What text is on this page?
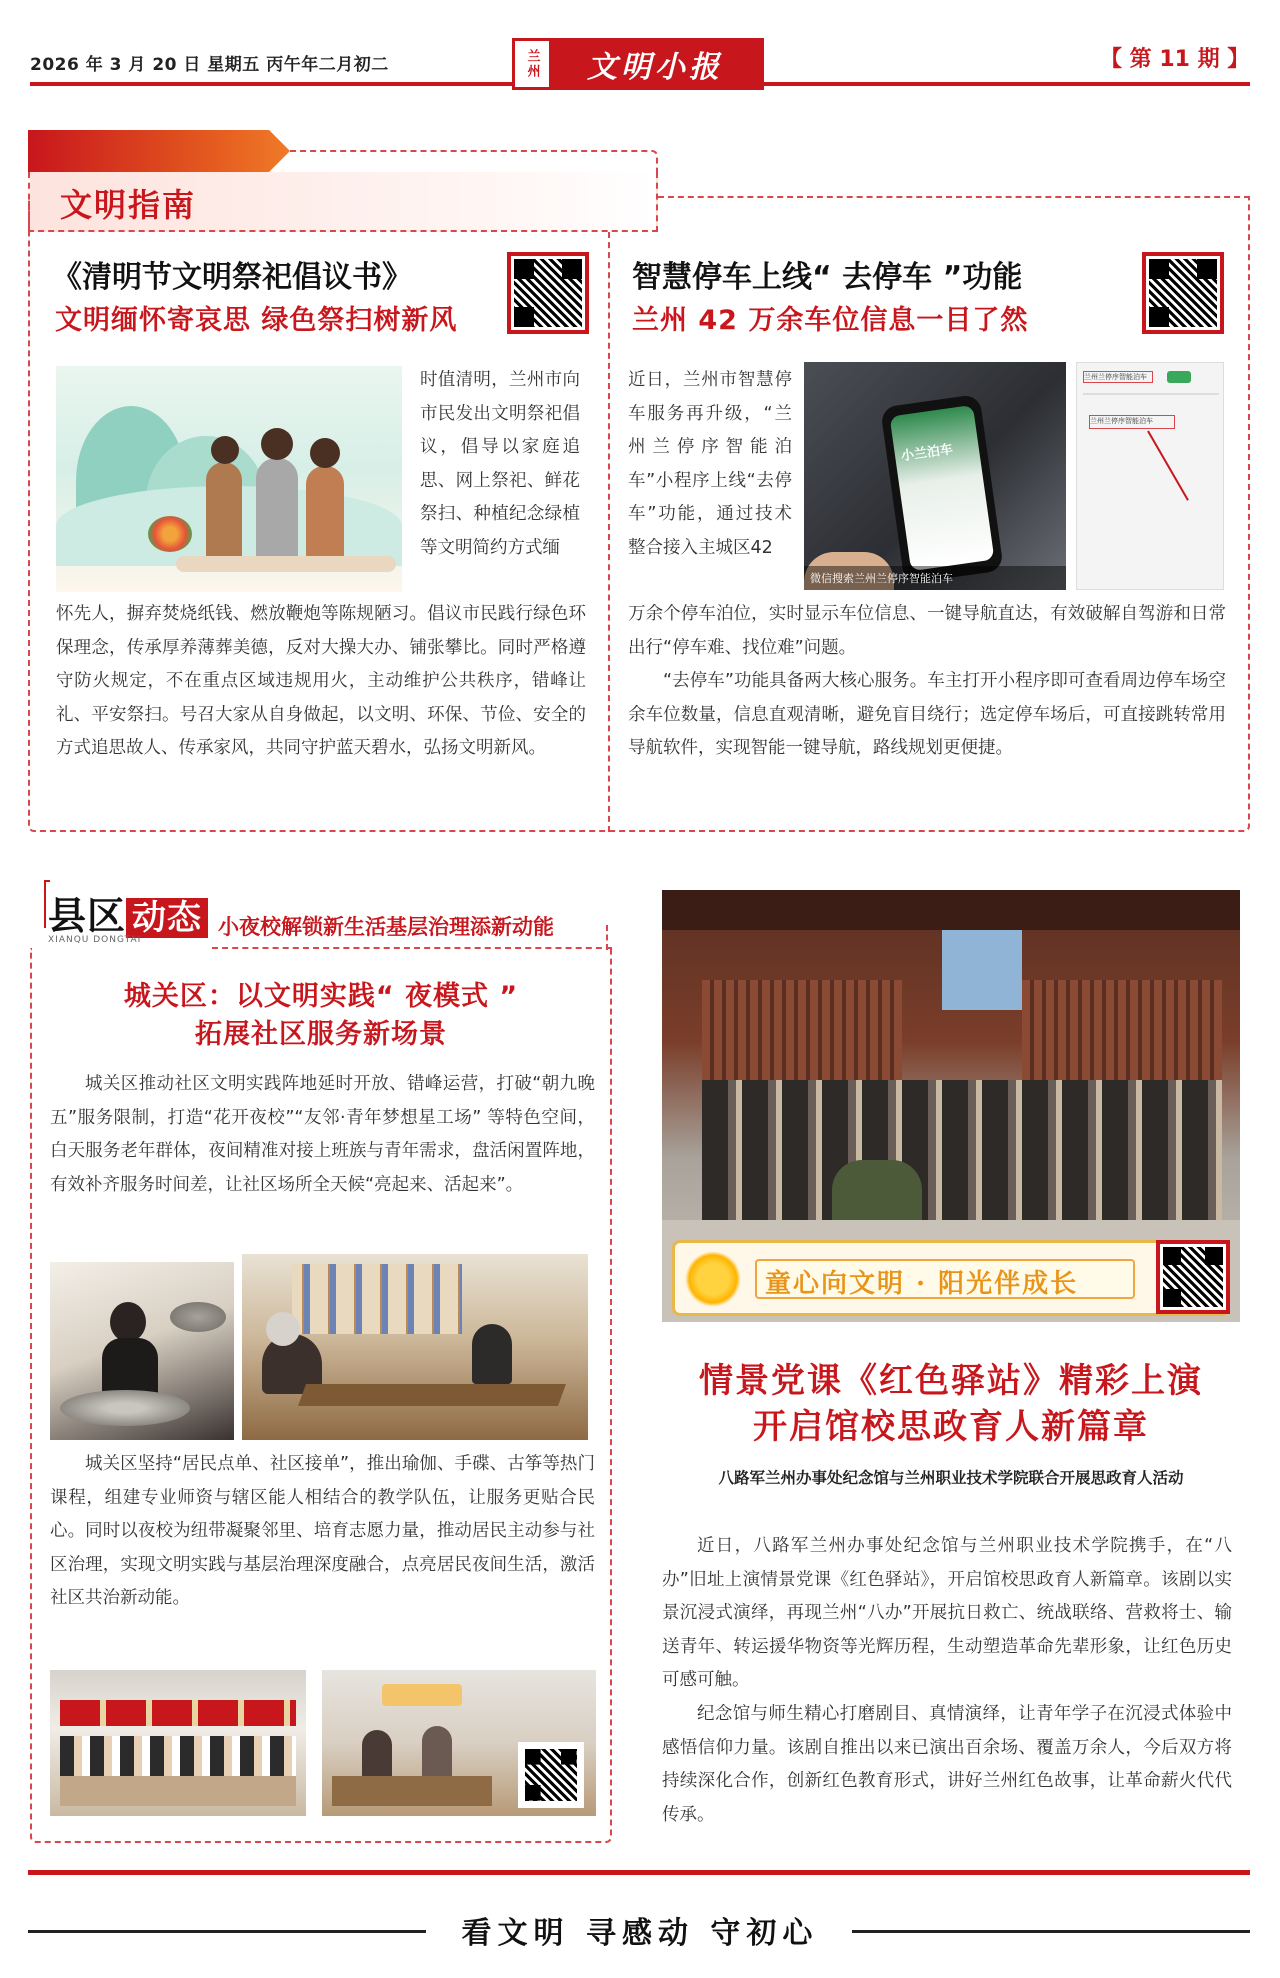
2026 年 3 月 20 日 星期五 丙午年二月初二	兰州	文明小报	【 第 11 期 】
文明指南
《清明节文明祭祀倡议书》
文明缅怀寄哀思 绿色祭扫树新风
时值清明，兰州市向市民发出文明祭祀倡议，倡导以家庭追思、网上祭祀、鲜花祭扫、种植纪念绿植等文明简约方式缅
怀先人，摒弃焚烧纸钱、燃放鞭炮等陈规陋习。倡议市民践行绿色环保理念，传承厚养薄葬美德，反对大操大办、铺张攀比。同时严格遵守防火规定，不在重点区域违规用火，主动维护公共秩序，错峰让礼、平安祭扫。号召大家从自身做起，以文明、环保、节俭、安全的方式追思故人、传承家风，共同守护蓝天碧水，弘扬文明新风。
智慧停车上线“ 去停车 ”功能
兰州 42 万余车位信息一目了然
小兰泊车
微信搜索兰州兰停序智能泊车
兰州兰停序智能泊车
兰州兰停序智能泊车
近日，兰州市智慧停车服务再升级，“兰州兰停序智能泊车”小程序上线“去停车”功能，通过技术整合接入主城区42
万余个停车泊位，实时显示车位信息、一键导航直达，有效破解自驾游和日常出行“停车难、找位难”问题。
“去停车”功能具备两大核心服务。车主打开小程序即可查看周边停车场空余车位数量，信息直观清晰，避免盲目绕行；选定停车场后，可直接跳转常用导航软件，实现智能一键导航，路线规划更便捷。
县区 动态
XIANQU DONGTAI
小夜校解锁新生活基层治理添新动能
城关区：以文明实践“ 夜模式 ”
拓展社区服务新场景
城关区推动社区文明实践阵地延时开放、错峰运营，打破“朝九晚五”服务限制，打造“花开夜校”“友邻·青年梦想星工场” 等特色空间，白天服务老年群体，夜间精准对接上班族与青年需求，盘活闲置阵地，有效补齐服务时间差，让社区场所全天候“亮起来、活起来”。
城关区坚持“居民点单、社区接单”，推出瑜伽、手碟、古筝等热门课程，组建专业师资与辖区能人相结合的教学队伍，让服务更贴合民心。同时以夜校为纽带凝聚邻里、培育志愿力量，推动居民主动参与社区治理，实现文明实践与基层治理深度融合，点亮居民夜间生活，激活社区共治新动能。
童心向文明 · 阳光伴成长
情景党课《红色驿站》精彩上演
开启馆校思政育人新篇章
八路军兰州办事处纪念馆与兰州职业技术学院联合开展思政育人活动
近日，八路军兰州办事处纪念馆与兰州职业技术学院携手，在“八办”旧址上演情景党课《红色驿站》，开启馆校思政育人新篇章。该剧以实景沉浸式演绎，再现兰州“八办”开展抗日救亡、统战联络、营救将士、输送青年、转运援华物资等光辉历程，生动塑造革命先辈形象，让红色历史可感可触。
纪念馆与师生精心打磨剧目、真情演绎，让青年学子在沉浸式体验中感悟信仰力量。该剧自推出以来已演出百余场、覆盖万余人，今后双方将持续深化合作，创新红色教育形式，讲好兰州红色故事，让革命薪火代代传承。
看文明 寻感动 守初心
